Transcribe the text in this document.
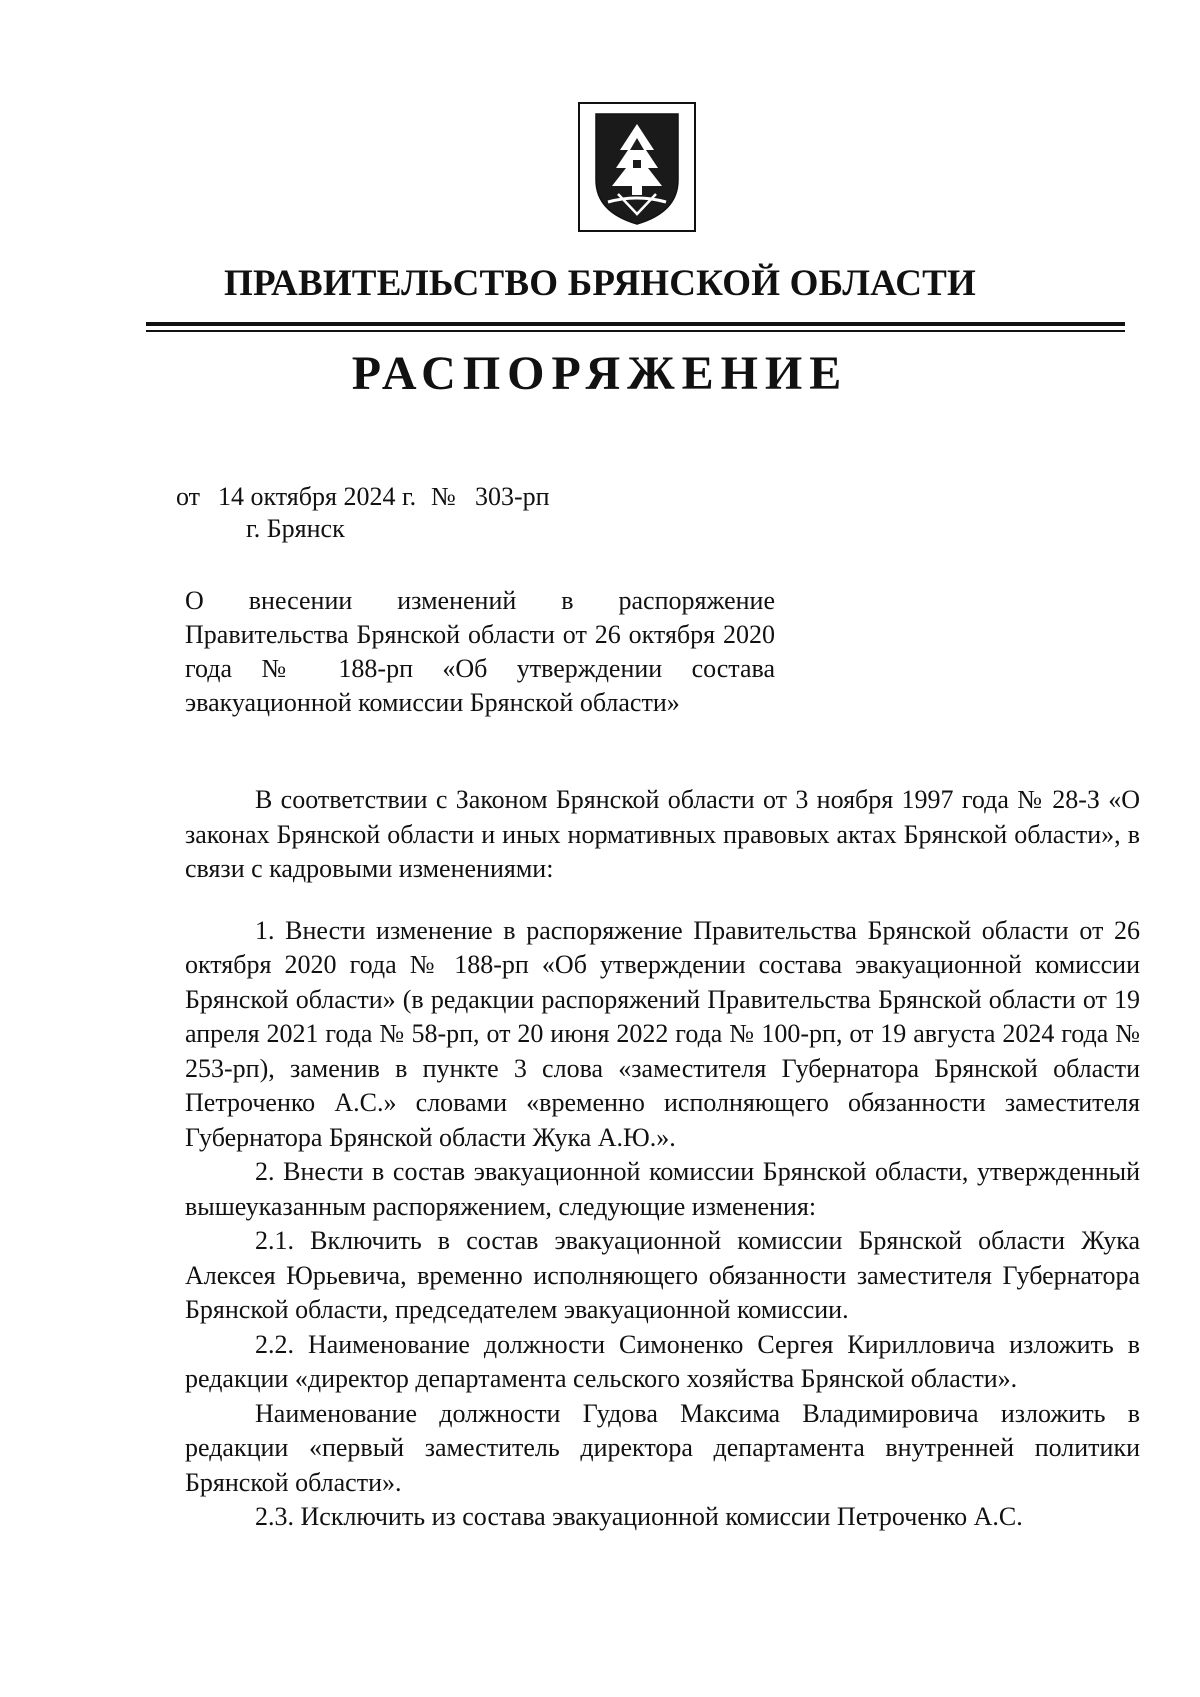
ПРАВИТЕЛЬСТВО БРЯНСКОЙ ОБЛАСТИ
РАСПОРЯЖЕНИЕ
от 14 октября 2024 г. № 303-рп
г. Брянск
О внесении изменений в распоряжение Правительства Брянской области от 26 октября 2020 года № 188-рп «Об утверждении состава эвакуационной комиссии Брянской области»

В соответствии с Законом Брянской области от 3 ноября 1997 года № 28-З «О законах Брянской области и иных нормативных правовых актах Брянской области», в связи с кадровыми изменениями:

1. Внести изменение в распоряжение Правительства Брянской области от 26 октября 2020 года № 188-рп «Об утверждении состава эвакуационной комиссии Брянской области» (в редакции распоряжений Правительства Брянской области от 19 апреля 2021 года № 58-рп, от 20 июня 2022 года № 100-рп, от 19 августа 2024 года № 253-рп), заменив в пункте 3 слова «заместителя Губернатора Брянской области Петроченко А.С.» словами «временно исполняющего обязанности заместителя Губернатора Брянской области Жука А.Ю.».

2. Внести в состав эвакуационной комиссии Брянской области, утвержденный вышеуказанным распоряжением, следующие изменения:

2.1. Включить в состав эвакуационной комиссии Брянской области Жука Алексея Юрьевича, временно исполняющего обязанности заместителя Губернатора Брянской области, председателем эвакуационной комиссии.

2.2. Наименование должности Симоненко Сергея Кирилловича изложить в редакции «директор департамента сельского хозяйства Брянской области».

Наименование должности Гудова Максима Владимировича изложить в редакции «первый заместитель директора департамента внутренней политики Брянской области».

2.3. Исключить из состава эвакуационной комиссии Петроченко А.С.
